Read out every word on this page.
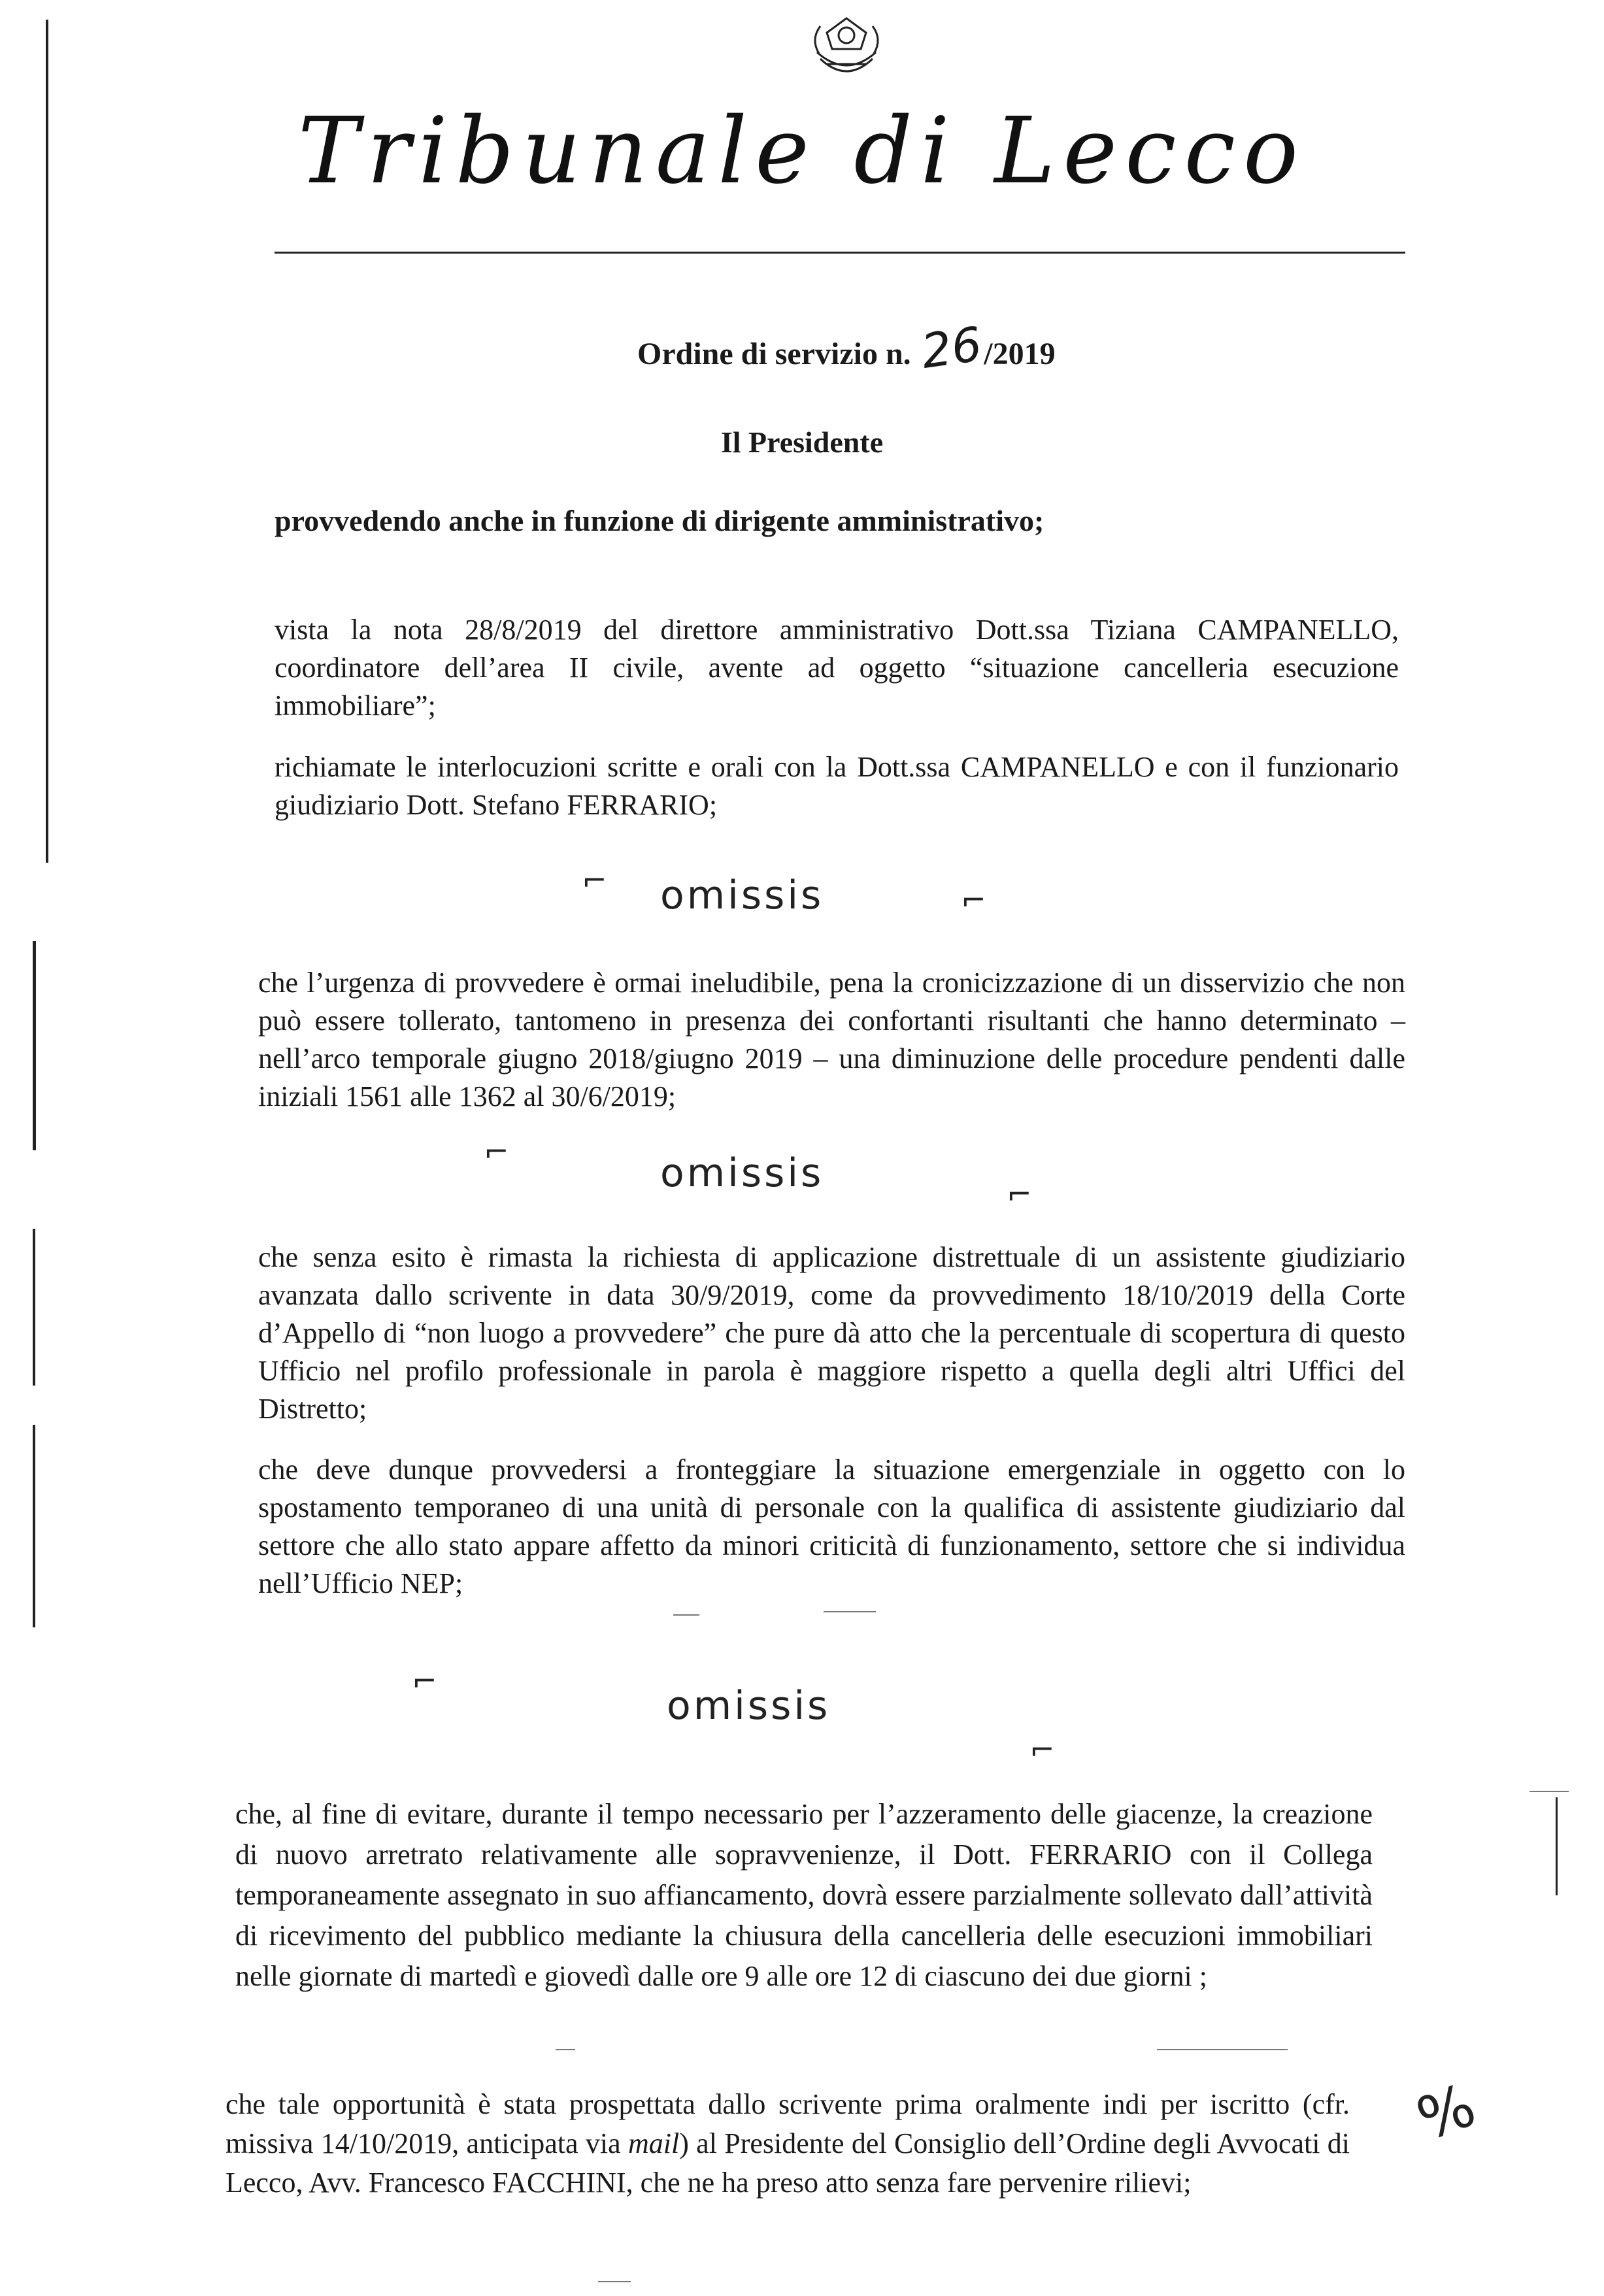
Tribunale di Lecco
Ordine di servizio n. 26/2019
Il Presidente
provvedendo anche in funzione di dirigente amministrativo;
vista la nota 28/8/2019 del direttore amministrativo Dott.ssa Tiziana CAMPANELLO, coordinatore dell’area II civile, avente ad oggetto “situazione cancelleria esecuzione immobiliare”;
richiamate le interlocuzioni scritte e orali con la Dott.ssa CAMPANELLO e con il funzionario giudiziario Dott. Stefano FERRARIO;
⌐ omissis	⌐
che l’urgenza di provvedere è ormai ineludibile, pena la cronicizzazione di un disservizio che non può essere tollerato, tantomeno in presenza dei confortanti risultanti che hanno determinato – nell’arco temporale giugno 2018/giugno 2019 – una diminuzione delle procedure pendenti dalle iniziali 1561 alle 1362 al 30/6/2019;
⌐	omissis	⌐
che senza esito è rimasta la richiesta di applicazione distrettuale di un assistente giudiziario avanzata dallo scrivente in data 30/9/2019, come da provvedimento 18/10/2019 della Corte d’Appello di “non luogo a provvedere” che pure dà atto che la percentuale di scopertura di questo Ufficio nel profilo professionale in parola è maggiore rispetto a quella degli altri Uffici del Distretto;
che deve dunque provvedersi a fronteggiare la situazione emergenziale in oggetto con lo spostamento temporaneo di una unità di personale con la qualifica di assistente giudiziario dal settore che allo stato appare affetto da minori criticità di funzionamento, settore che si individua nell’Ufficio NEP;
⌐
omissis
⌐
che, al fine di evitare, durante il tempo necessario per l’azzeramento delle giacenze, la creazione di nuovo arretrato relativamente alle sopravvenienze, il Dott. FERRARIO con il Collega temporaneamente assegnato in suo affiancamento, dovrà essere parzialmente sollevato dall’attività di ricevimento del pubblico mediante la chiusura della cancelleria delle esecuzioni immobiliari nelle giornate di martedì e giovedì dalle ore 9 alle ore 12 di ciascuno dei due giorni ;
che tale opportunità è stata prospettata dallo scrivente prima oralmente indi per iscritto (cfr. missiva 14/10/2019, anticipata via mail) al Presidente del Consiglio dell’Ordine degli Avvocati di Lecco, Avv. Francesco FACCHINI, che ne ha preso atto senza fare pervenire rilievi;
%
